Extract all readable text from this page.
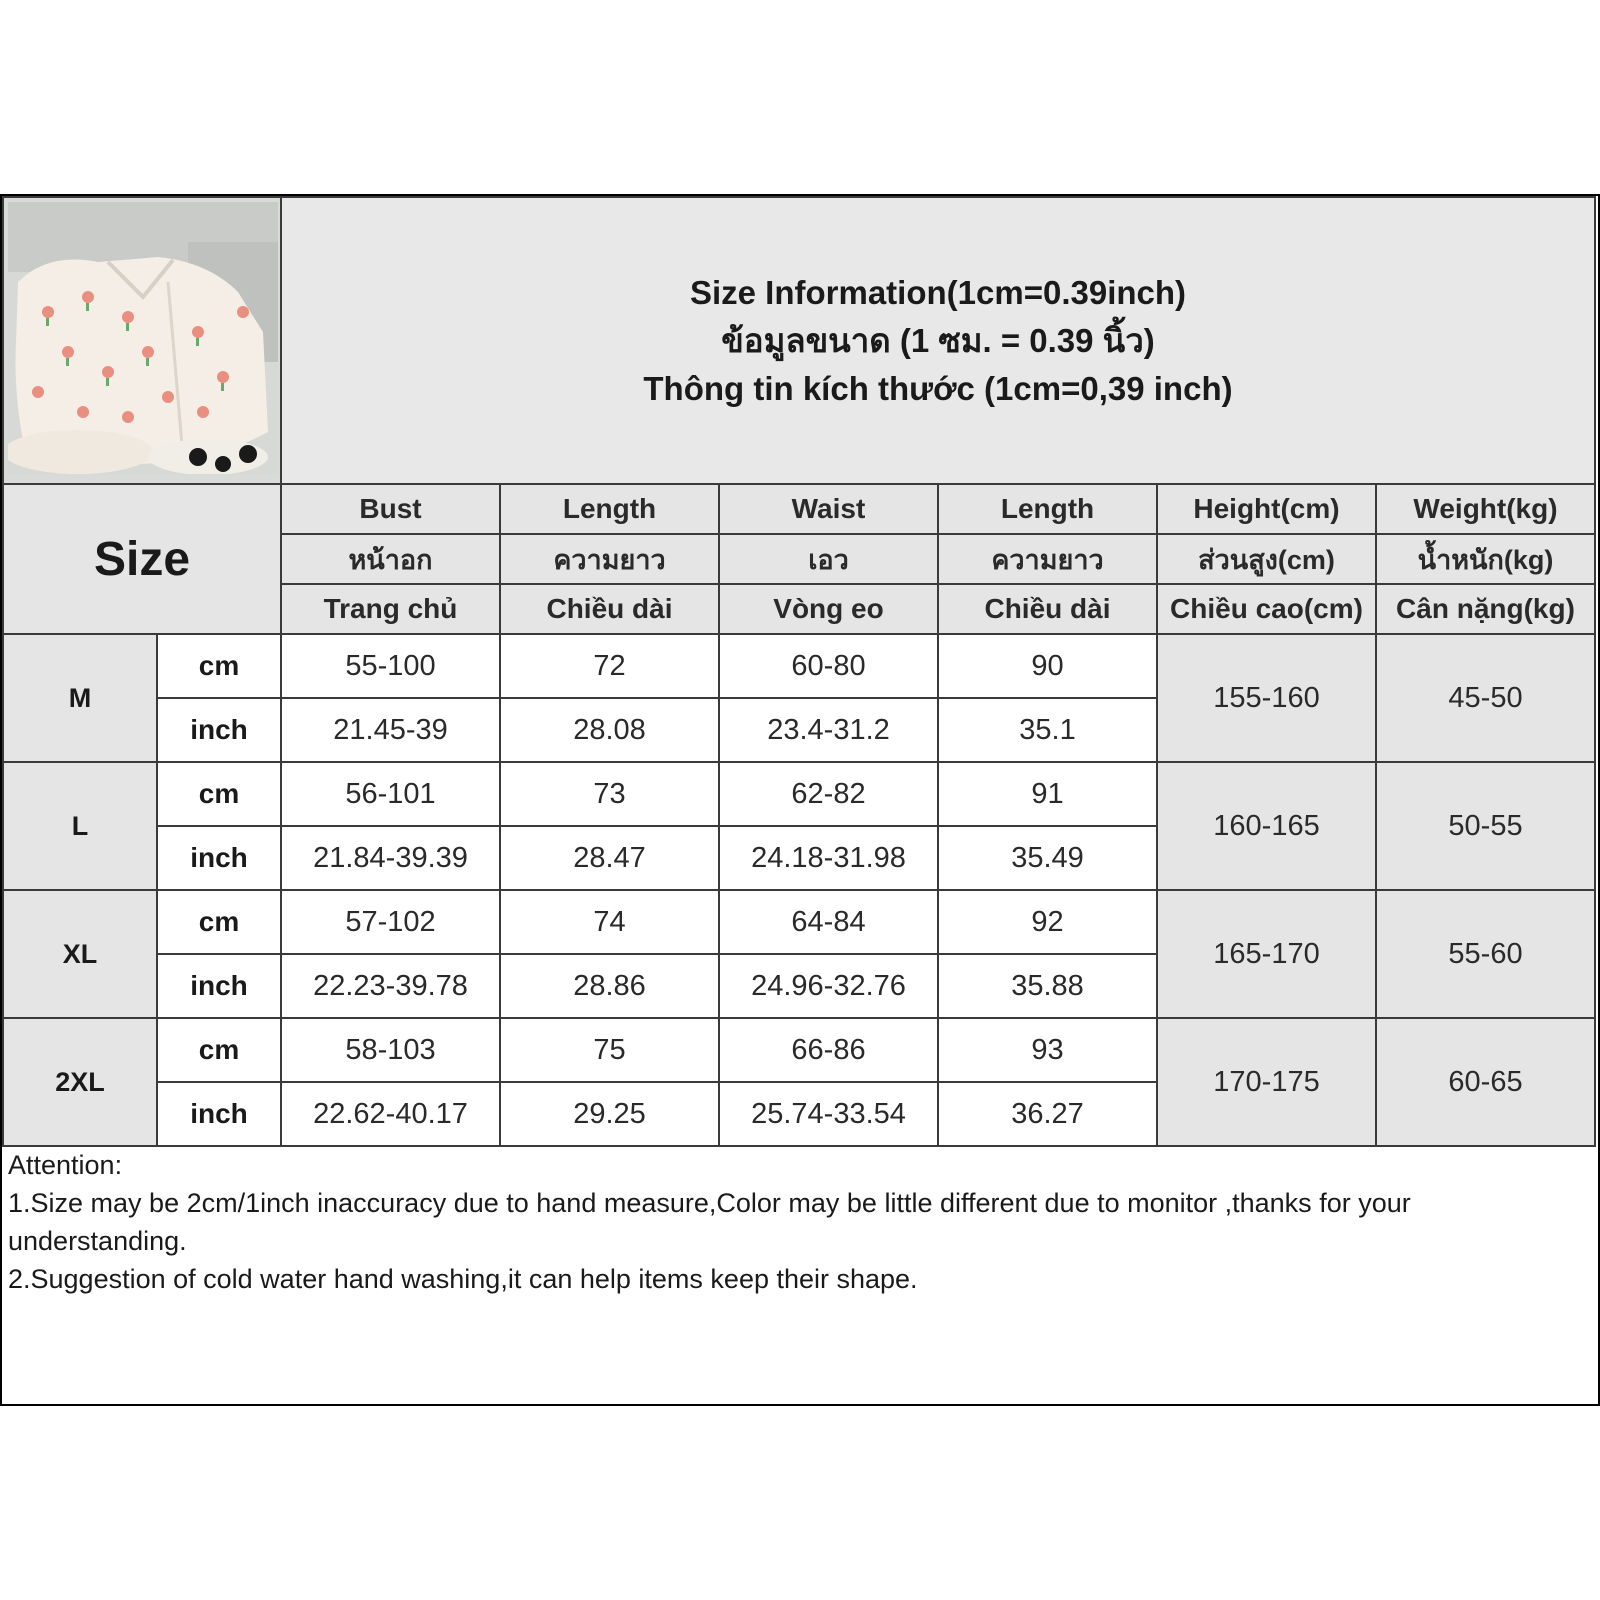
Size Information(1cm=0.39inch)
ข้อมูลขนาด (1 ซม. = 0.39 นิ้ว)
Thông tin kích thước (1cm=0,39 inch)					

Size		Bust	Length	Waist	Length	Height(cm)	Weight(kg)
		หน้าอก	ความยาว	เอว	ความยาว	ส่วนสูง(cm)	น้ำหนัก(kg)
		Trang chủ	Chiều dài	Vòng eo	Chiều dài	Chiều cao(cm)	Cân nặng(kg)
M	cm	55-100	72	60-80	90	155-160	45-50
	inch	21.45-39	28.08	23.4-31.2	35.1		
L	cm	56-101	73	62-82	91	160-165	50-55
	inch	21.84-39.39	28.47	24.18-31.98	35.49		
XL	cm	57-102	74	64-84	92	165-170	55-60
	inch	22.23-39.78	28.86	24.96-32.76	35.88		
2XL	cm	58-103	75	66-86	93	170-175	60-65
	inch	22.62-40.17	29.25	25.74-33.54	36.27		
Attention:
1.Size may be 2cm/1inch inaccuracy due to hand measure,Color may be little different due to monitor ,thanks for your understanding.
2.Suggestion of cold water hand washing,it can help items keep their shape.
